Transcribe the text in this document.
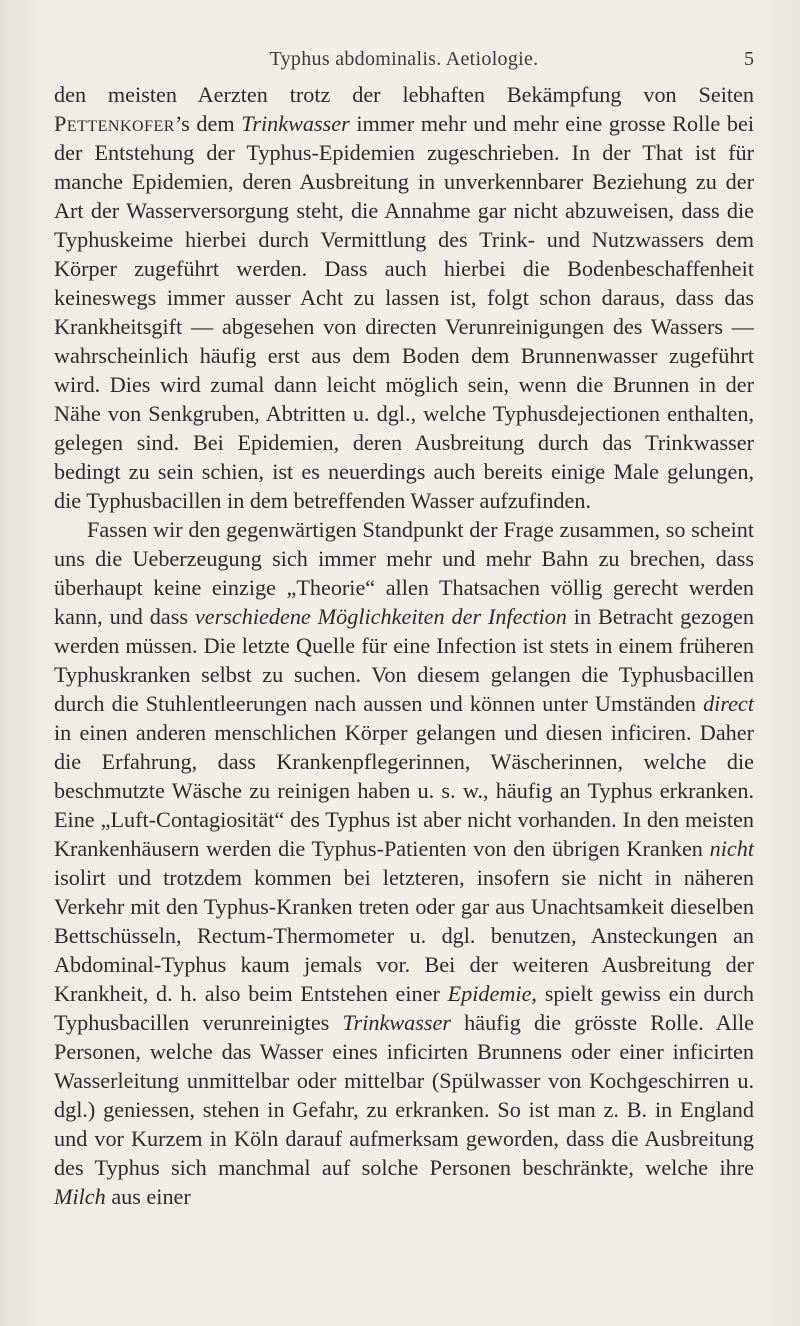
Typhus abdominalis. Aetiologie.	5

den meisten Aerzten trotz der lebhaften Bekämpfung von Seiten Pettenkofer’s dem Trinkwasser immer mehr und mehr eine grosse Rolle bei der Entstehung der Typhus-Epidemien zugeschrieben. In der That ist für manche Epidemien, deren Ausbreitung in unverkennbarer Beziehung zu der Art der Wasserversorgung steht, die Annahme gar nicht abzuweisen, dass die Typhuskeime hierbei durch Vermittlung des Trink- und Nutzwassers dem Körper zugeführt werden. Dass auch hierbei die Bodenbeschaffenheit keineswegs immer ausser Acht zu lassen ist, folgt schon daraus, dass das Krankheitsgift — abgesehen von directen Verunreinigungen des Wassers — wahrscheinlich häufig erst aus dem Boden dem Brunnenwasser zugeführt wird. Dies wird zumal dann leicht möglich sein, wenn die Brunnen in der Nähe von Senkgruben, Abtritten u. dgl., welche Typhusdejectionen enthalten, gelegen sind. Bei Epidemien, deren Ausbreitung durch das Trinkwasser bedingt zu sein schien, ist es neuerdings auch bereits einige Male gelungen, die Typhusbacillen in dem betreffenden Wasser aufzufinden.

Fassen wir den gegenwärtigen Standpunkt der Frage zusammen, so scheint uns die Ueberzeugung sich immer mehr und mehr Bahn zu brechen, dass überhaupt keine einzige „Theorie“ allen Thatsachen völlig gerecht werden kann, und dass verschiedene Möglichkeiten der Infection in Betracht gezogen werden müssen. Die letzte Quelle für eine Infection ist stets in einem früheren Typhuskranken selbst zu suchen. Von diesem gelangen die Typhusbacillen durch die Stuhlentleerungen nach aussen und können unter Umständen direct in einen anderen menschlichen Körper gelangen und diesen inficiren. Daher die Erfahrung, dass Krankenpflegerinnen, Wäscherinnen, welche die beschmutzte Wäsche zu reinigen haben u. s. w., häufig an Typhus erkranken. Eine „Luft-Contagiosität“ des Typhus ist aber nicht vorhanden. In den meisten Krankenhäusern werden die Typhus-Patienten von den übrigen Kranken nicht isolirt und trotzdem kommen bei letzteren, insofern sie nicht in näheren Verkehr mit den Typhus-Kranken treten oder gar aus Unachtsamkeit dieselben Bettschüsseln, Rectum-Thermometer u. dgl. benutzen, Ansteckungen an Abdominal-Typhus kaum jemals vor. Bei der weiteren Ausbreitung der Krankheit, d. h. also beim Entstehen einer Epidemie, spielt gewiss ein durch Typhusbacillen verunreinigtes Trinkwasser häufig die grösste Rolle. Alle Personen, welche das Wasser eines inficirten Brunnens oder einer inficirten Wasserleitung unmittelbar oder mittelbar (Spülwasser von Kochgeschirren u. dgl.) geniessen, stehen in Gefahr, zu erkranken. So ist man z. B. in England und vor Kurzem in Köln darauf aufmerksam geworden, dass die Ausbreitung des Typhus sich manchmal auf solche Personen beschränkte, welche ihre Milch aus einer
